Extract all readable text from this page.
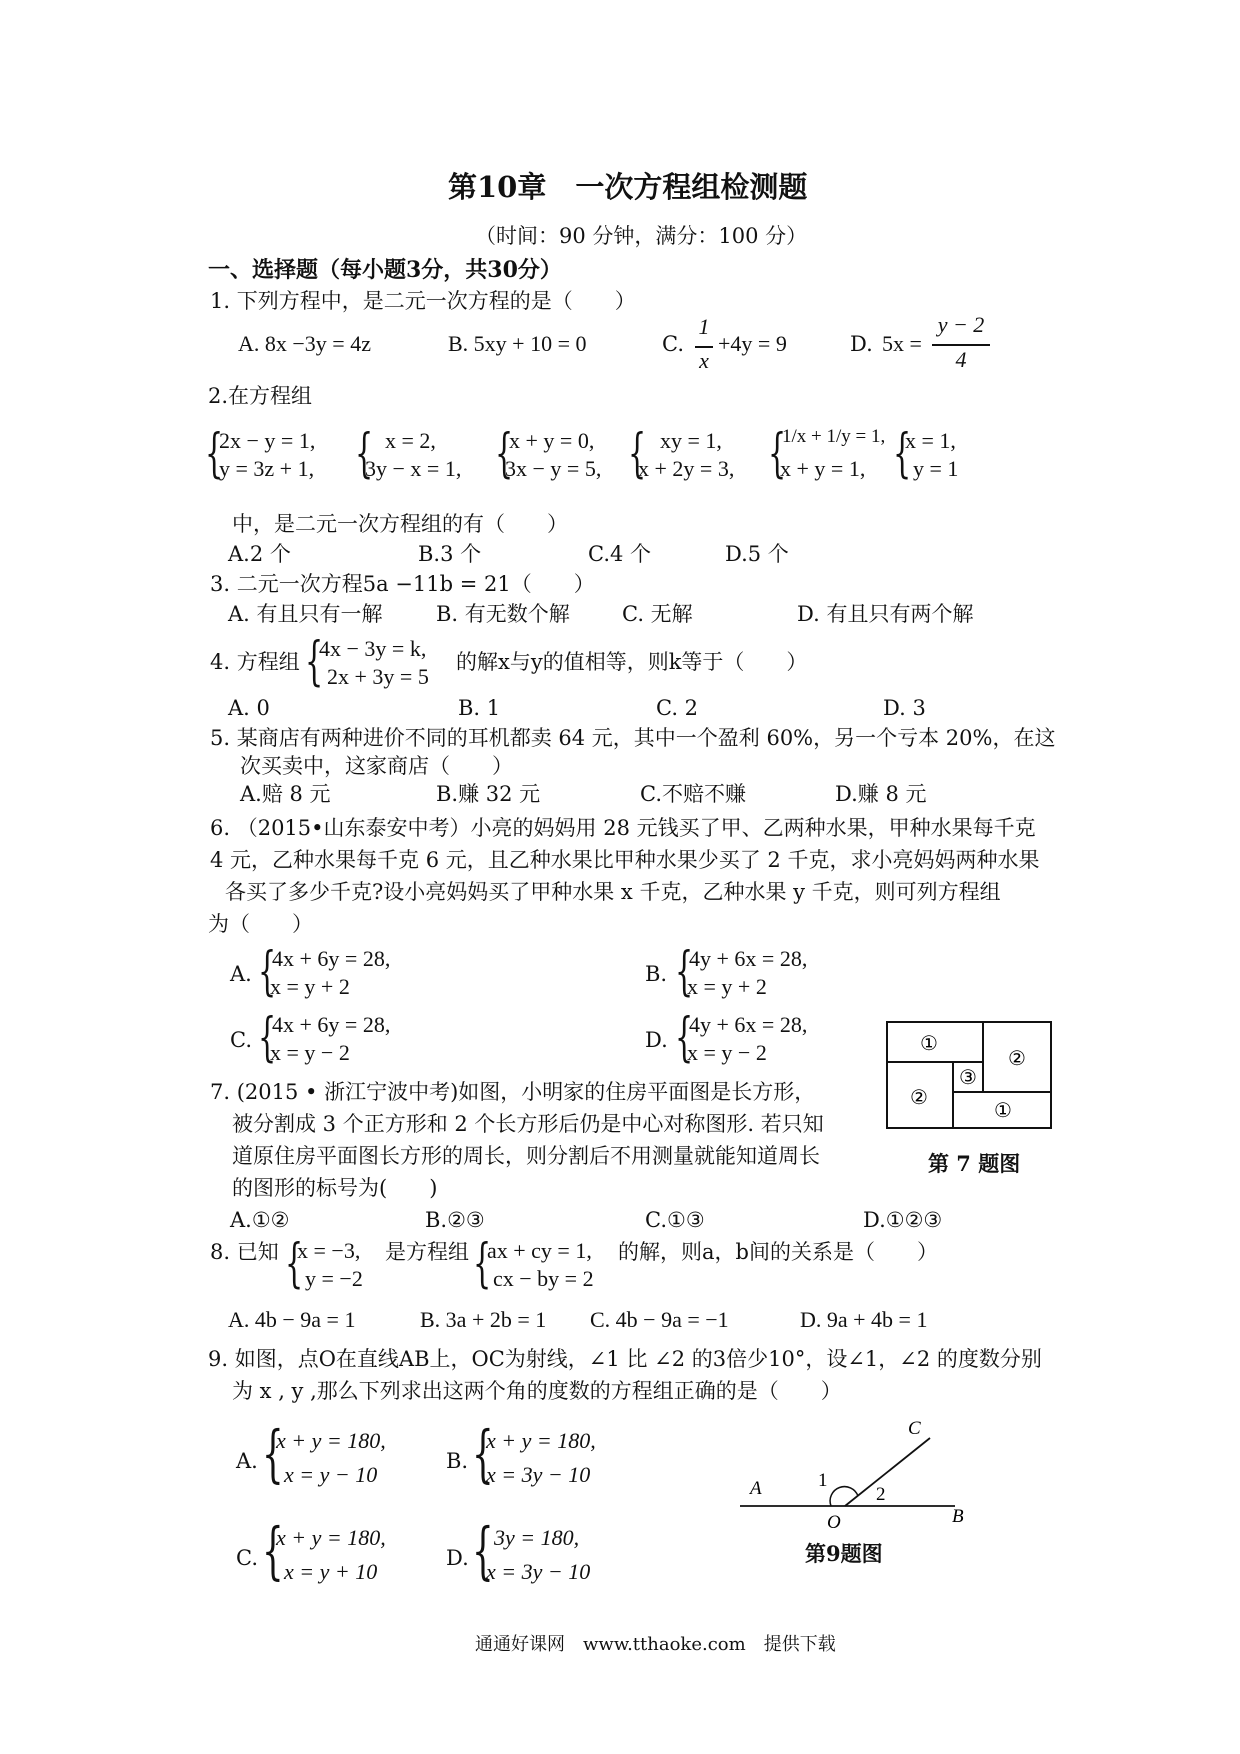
第10章　一次方程组检测题
（时间：90 分钟，满分：100 分）
一、选择题（每小题3分，共30分）
1. 下列方程中，是二元一次方程的是（　　）
A. 8x −3y = 4z	B. 5xy + 10 = 0	C.
1
x
+4y = 9	D. 5x =
y − 2
4
2.在方程组
{
2x − y = 1,
y = 3z + 1, { x = 2,
3y − x = 1, {
x + y = 0,
3x − y = 5, { xy = 1,
x + 2y = 3, {
1/x + 1/y = 1,
x + y = 1, {
x = 1,
y = 1
中，是二元一次方程组的有（　　）
A.2 个	B.3 个	C.4 个	D.5 个
3. 二元一次方程5a −11b = 21（　　）
A. 有且只有一解	B. 有无数个解 C. 无解	D. 有且只有两个解
4. 方程组 {
4x − 3y = k,
2x + 3y = 5
的解x与y的值相等，则k等于（　　）
A. 0	B. 1	C. 2	D. 3
5. 某商店有两种进价不同的耳机都卖 64 元，其中一个盈利 60%，另一个亏本 20%，在这
次买卖中，这家商店（　　）
A.赔 8 元	B.赚 32 元	C.不赔不赚	D.赚 8 元
6. （2015•山东泰安中考）小亮的妈妈用 28 元钱买了甲、乙两种水果，甲种水果每千克
4 元，乙种水果每千克 6 元，且乙种水果比甲种水果少买了 2 千克，求小亮妈妈两种水果
各买了多少千克?设小亮妈妈买了甲种水果 x 千克，乙种水果 y 千克，则可列方程组
为（　　）
A. {
4x + 6y = 28,
x = y + 2	B. {
4y + 6x = 28,
x = y + 2
C. {
4x + 6y = 28,
x = y − 2	D. {
4y + 6x = 28,
x = y − 2	①
②
②
③
①
第 7 题图
7. (2015 • 浙江宁波中考)如图，小明家的住房平面图是长方形，
被分割成 3 个正方形和 2 个长方形后仍是中心对称图形. 若只知
道原住房平面图长方形的周长，则分割后不用测量就能知道周长
的图形的标号为(　　)
A.①②	B.②③	C.①③	D.①②③
8. 已知 {
x = −3,
y = −2
是方程组 {
ax + cy = 1,
cx − by = 2
的解，则a，b间的关系是（　　）
A. 4b − 9a = 1	B. 3a + 2b = 1 C. 4b − 9a = −1	D. 9a + 4b = 1
9. 如图，点O在直线AB上，OC为射线，∠1 比 ∠2 的3倍少10°，设∠1，∠2 的度数分别
为 x , y ,那么下列求出这两个角的度数的方程组正确的是（　　）
A. {
x + y = 180,
x = y − 10
B. {
x + y = 180,
x = 3y − 10
C. {
x + y = 180,
x = y + 10
D. { 3y = 180,
x = 3y − 10
A
B
C
O
1
2
第9题图
通通好课网　www.tthaoke.com　提供下载
